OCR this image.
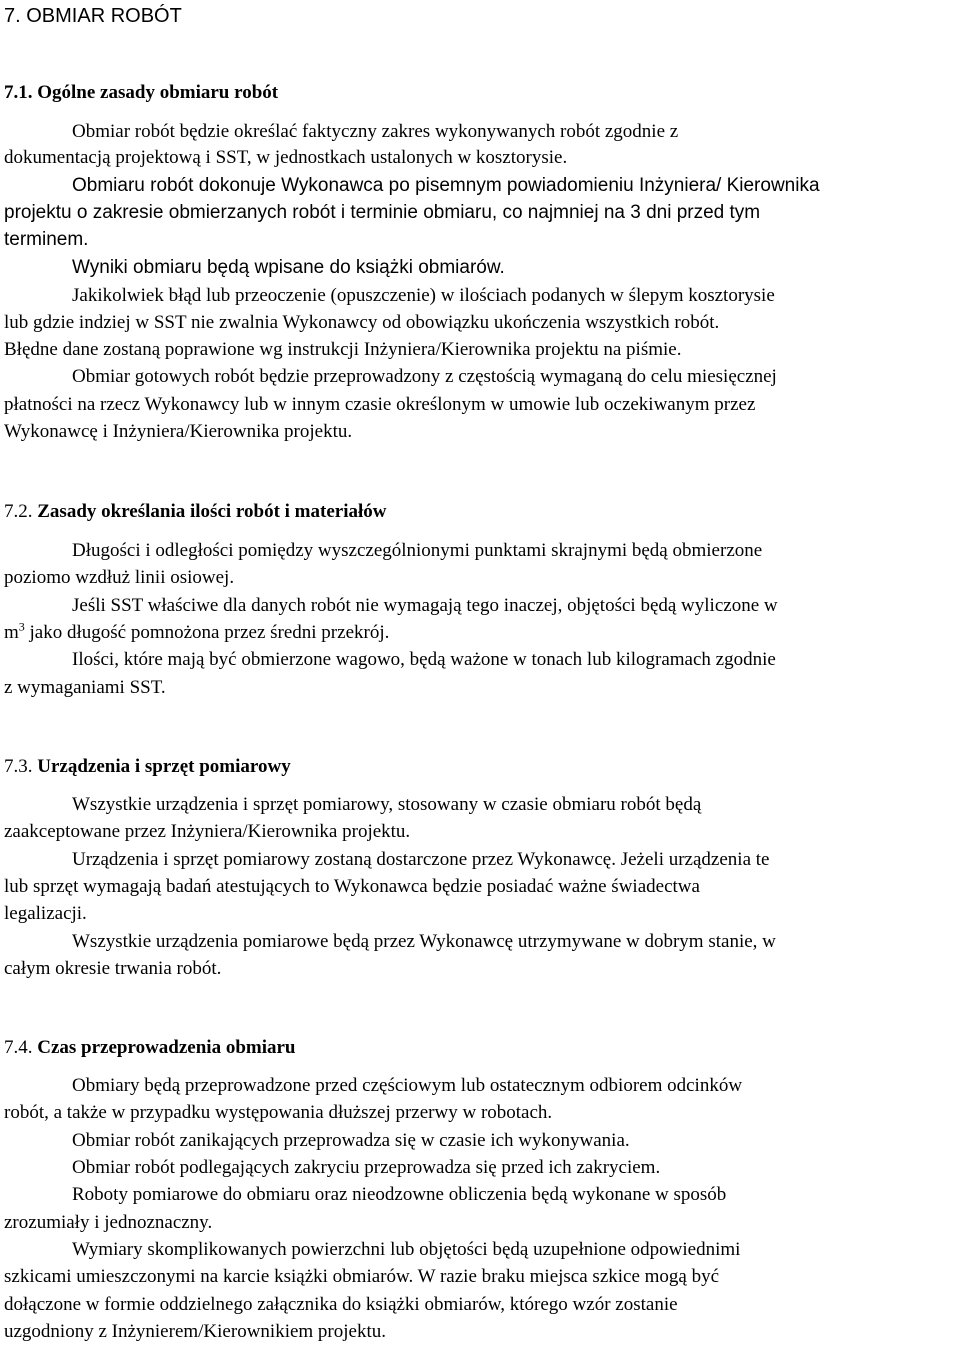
7. OBMIAR ROBÓT
7.1. Ogólne zasady obmiaru robót
Obmiar robót będzie określać faktyczny zakres wykonywanych robót zgodnie z
dokumentacją projektową i SST, w jednostkach ustalonych w kosztorysie.
Obmiaru robót dokonuje Wykonawca po pisemnym powiadomieniu Inżyniera/ Kierownika
projektu o zakresie obmierzanych robót i terminie obmiaru, co najmniej na 3 dni przed tym
terminem.
Wyniki obmiaru będą wpisane do książki obmiarów.
Jakikolwiek błąd lub przeoczenie (opuszczenie) w ilościach podanych w ślepym kosztorysie
lub gdzie indziej w SST nie zwalnia Wykonawcy od obowiązku ukończenia wszystkich robót.
Błędne dane zostaną poprawione wg instrukcji Inżyniera/Kierownika projektu na piśmie.
Obmiar gotowych robót będzie przeprowadzony z częstością wymaganą do celu miesięcznej
płatności na rzecz Wykonawcy lub w innym czasie określonym w umowie lub oczekiwanym przez
Wykonawcę i Inżyniera/Kierownika projektu.
7.2. Zasady określania ilości robót i materiałów
Długości i odległości pomiędzy wyszczególnionymi punktami skrajnymi będą obmierzone
poziomo wzdłuż linii osiowej.
Jeśli SST właściwe dla danych robót nie wymagają tego inaczej, objętości będą wyliczone w
$m^3$ jako długość pomnożona przez średni przekrój.
Ilości, które mają być obmierzone wagowo, będą ważone w tonach lub kilogramach zgodnie
z wymaganiami SST.
7.3. Urządzenia i sprzęt pomiarowy
Wszystkie urządzenia i sprzęt pomiarowy, stosowany w czasie obmiaru robót będą
zaakceptowane przez Inżyniera/Kierownika projektu.
Urządzenia i sprzęt pomiarowy zostaną dostarczone przez Wykonawcę. Jeżeli urządzenia te
lub sprzęt wymagają badań atestujących to Wykonawca będzie posiadać ważne świadectwa
legalizacji.
Wszystkie urządzenia pomiarowe będą przez Wykonawcę utrzymywane w dobrym stanie, w
całym okresie trwania robót.
7.4. Czas przeprowadzenia obmiaru
Obmiary będą przeprowadzone przed częściowym lub ostatecznym odbiorem odcinków
robót, a także w przypadku występowania dłuższej przerwy w robotach.
Obmiar robót zanikających przeprowadza się w czasie ich wykonywania.
Obmiar robót podlegających zakryciu przeprowadza się przed ich zakryciem.
Roboty pomiarowe do obmiaru oraz nieodzowne obliczenia będą wykonane w sposób
zrozumiały i jednoznaczny.
Wymiary skomplikowanych powierzchni lub objętości będą uzupełnione odpowiednimi
szkicami umieszczonymi na karcie książki obmiarów. W razie braku miejsca szkice mogą być
dołączone w formie oddzielnego załącznika do książki obmiarów, którego wzór zostanie
uzgodniony z Inżynierem/Kierownikiem projektu.
